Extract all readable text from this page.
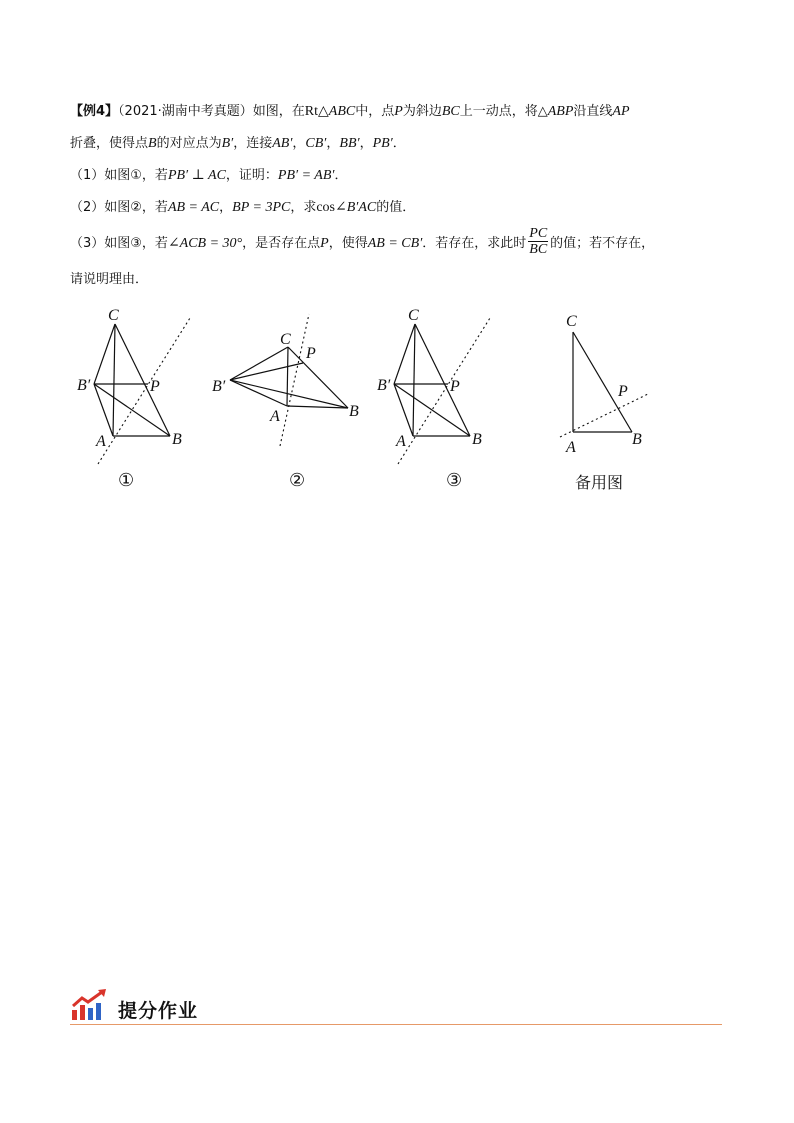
【例4】（2021·湖南中考真题）如图，在Rt△ABC中，点P为斜边BC上一动点，将△ABP沿直线AP
折叠，使得点B的对应点为B′，连接AB′，CB′，BB′，PB′．
（1）如图①，若PB′ ⊥ AC，证明：PB′ = AB′．
（2）如图②，若AB = AC，BP = 3PC，求cos∠B′AC的值．
（3）如图③，若∠ACB = 30°，是否存在点P，使得AB = CB′．若存在，求此时 $\frac{PC}{BC}$ 的值；若不存在，
请说明理由．
C
B′	P
A	B
①
C
B′
P
A	B
②
C
B′	P
A	B
③
C
P
A	B
备用图
提分作业
